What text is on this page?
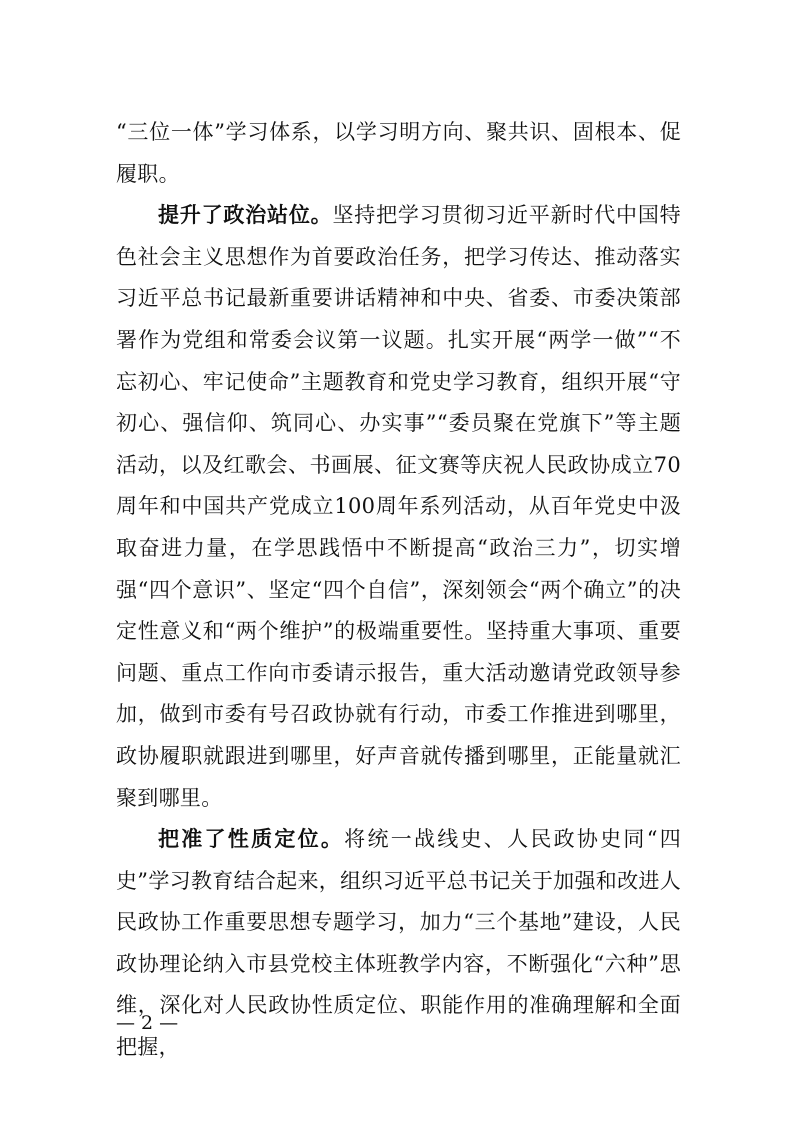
“三位一体”学习体系，以学习明方向、聚共识、固根本、促履职。

提升了政治站位。坚持把学习贯彻习近平新时代中国特色社会主义思想作为首要政治任务，把学习传达、推动落实习近平总书记最新重要讲话精神和中央、省委、市委决策部署作为党组和常委会议第一议题。扎实开展“两学一做”“不忘初心、牢记使命”主题教育和党史学习教育，组织开展“守初心、强信仰、筑同心、办实事”“委员聚在党旗下”等主题活动，以及红歌会、书画展、征文赛等庆祝人民政协成立70周年和中国共产党成立100周年系列活动，从百年党史中汲取奋进力量，在学思践悟中不断提高“政治三力”，切实增强“四个意识”、坚定“四个自信”，深刻领会“两个确立”的决定性意义和“两个维护”的极端重要性。坚持重大事项、重要问题、重点工作向市委请示报告，重大活动邀请党政领导参加，做到市委有号召政协就有行动，市委工作推进到哪里，政协履职就跟进到哪里，好声音就传播到哪里，正能量就汇聚到哪里。

把准了性质定位。将统一战线史、人民政协史同“四史”学习教育结合起来，组织习近平总书记关于加强和改进人民政协工作重要思想专题学习，加力“三个基地”建设，人民政协理论纳入市县党校主体班教学内容，不断强化“六种”思维，深化对人民政协性质定位、职能作用的准确理解和全面把握，

— 2 —
